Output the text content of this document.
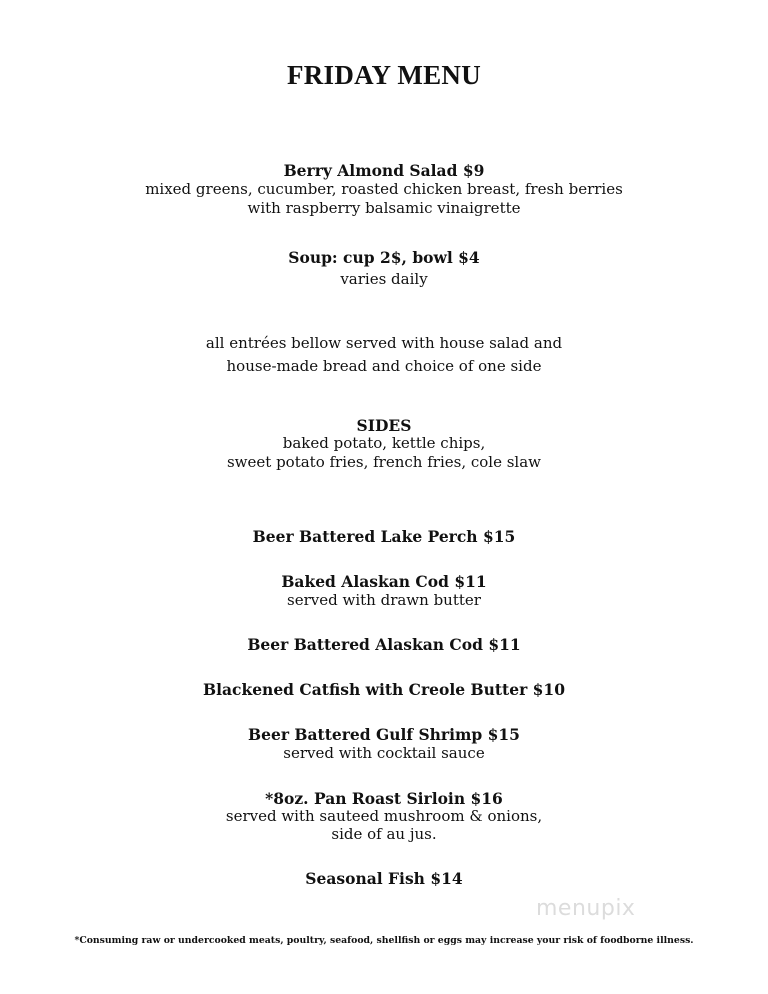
FRIDAY MENU
Berry Almond Salad $9
mixed greens, cucumber, roasted chicken breast, fresh berries
with raspberry balsamic vinaigrette
Soup: cup 2$, bowl $4
varies daily
all entrées bellow served with house salad and
house-made bread and choice of one side
SIDES
baked potato, kettle chips,
sweet potato fries, french fries, cole slaw
Beer Battered Lake Perch $15
Baked Alaskan Cod $11
served with drawn butter
Beer Battered Alaskan Cod $11
Blackened Catfish with Creole Butter $10
Beer Battered Gulf Shrimp $15
served with cocktail sauce
*8oz. Pan Roast Sirloin $16
served with sauteed mushroom & onions,
side of au jus.
Seasonal Fish $14
menupix
*Consuming raw or undercooked meats, poultry, seafood, shellfish or eggs may increase your risk of foodborne illness.
